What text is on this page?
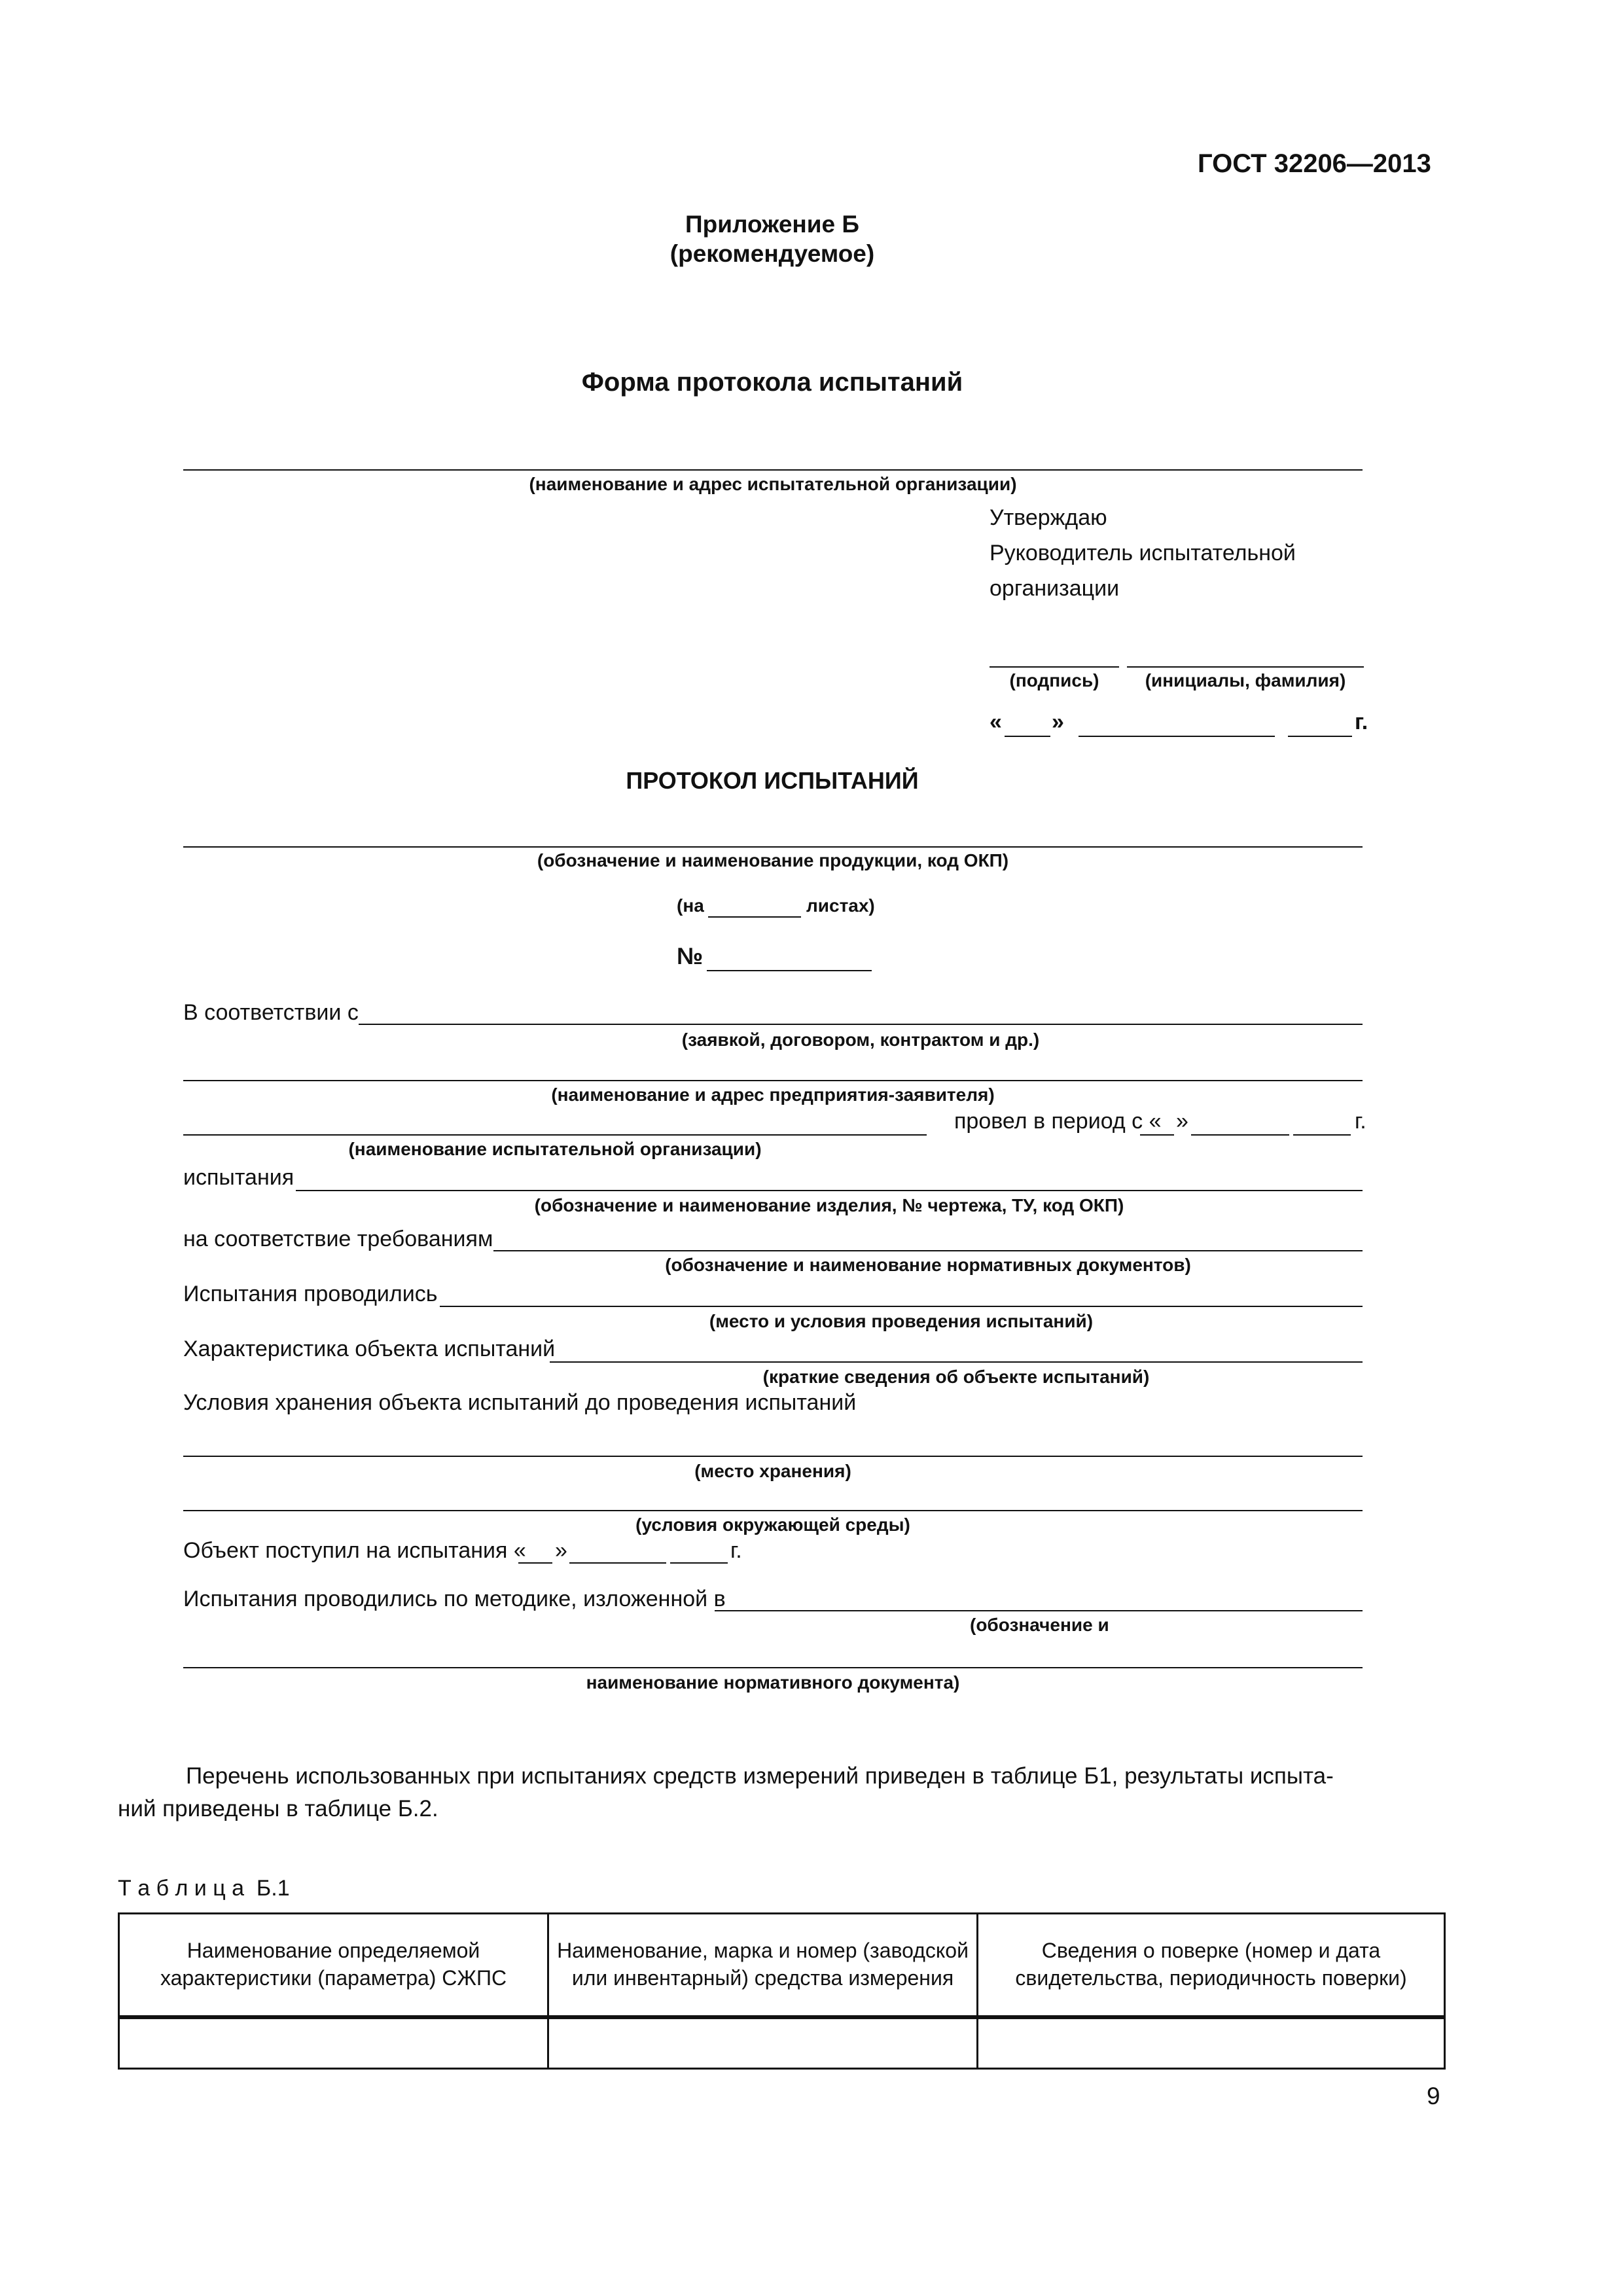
ГОСТ 32206—2013
Приложение Б
(рекомендуемое)
Форма протокола испытаний
(наименование и адрес испытательной организации)
Утверждаю
Руководитель испытательной
организации
(подпись)	(инициалы, фамилия)
« »	г.
ПРОТОКОЛ ИСПЫТАНИЙ
(обозначение и наименование продукции, код ОКП)
(на	листах)
№
В соответствии с
(заявкой, договором, контрактом и др.)
(наименование и адрес предприятия-заявителя)
провел в период с « »	г.
(наименование испытательной организации)
испытания
(обозначение и наименование изделия, № чертежа, ТУ, код ОКП)
на соответствие требованиям
(обозначение и наименование нормативных документов)
Испытания проводились
(место и условия проведения испытаний)
Характеристика объекта испытаний
(краткие сведения об объекте испытаний)
Условия хранения объекта испытаний до проведения испытаний
(место хранения)
(условия окружающей среды)
Объект поступил на испытания « »	г.
Испытания проводились по методике, изложенной в
(обозначение и
наименование нормативного документа)
Перечень использованных при испытаниях средств измерений приведен в таблице Б1, результаты испыта-
ний приведены в таблице Б.2.
Т а б л и ц а  Б.1
Наименование определяемой характеристики (параметра) СЖПС	Наименование, марка и номер (заводской или инвентарный) средства измерения	Сведения о поверке (номер и дата свидетельства, периодичность поверки)

9
